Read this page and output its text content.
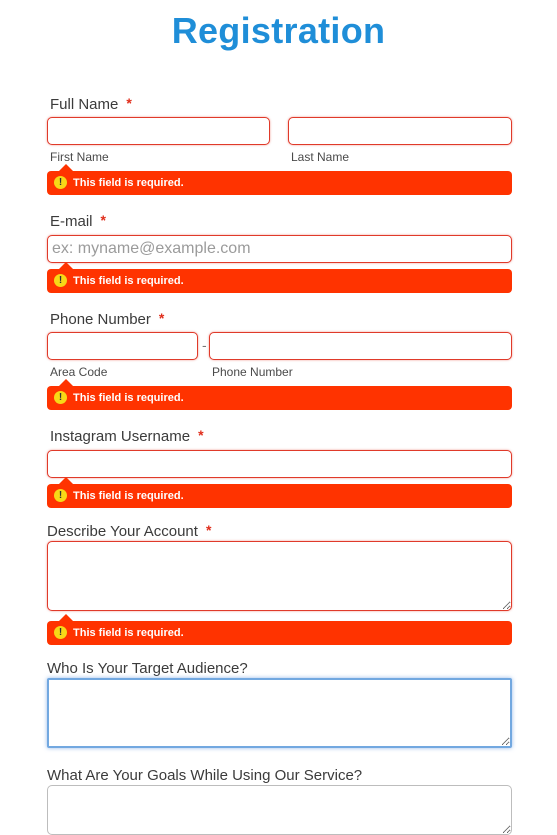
Registration
Full Name *
First Name	Last Name
! This field is required.
E-mail *
ex: myname@example.com
! This field is required.
Phone Number *
-
Area Code	Phone Number
! This field is required.
Instagram Username *
! This field is required.
Describe Your Account *
! This field is required.
Who Is Your Target Audience?
What Are Your Goals While Using Our Service?
